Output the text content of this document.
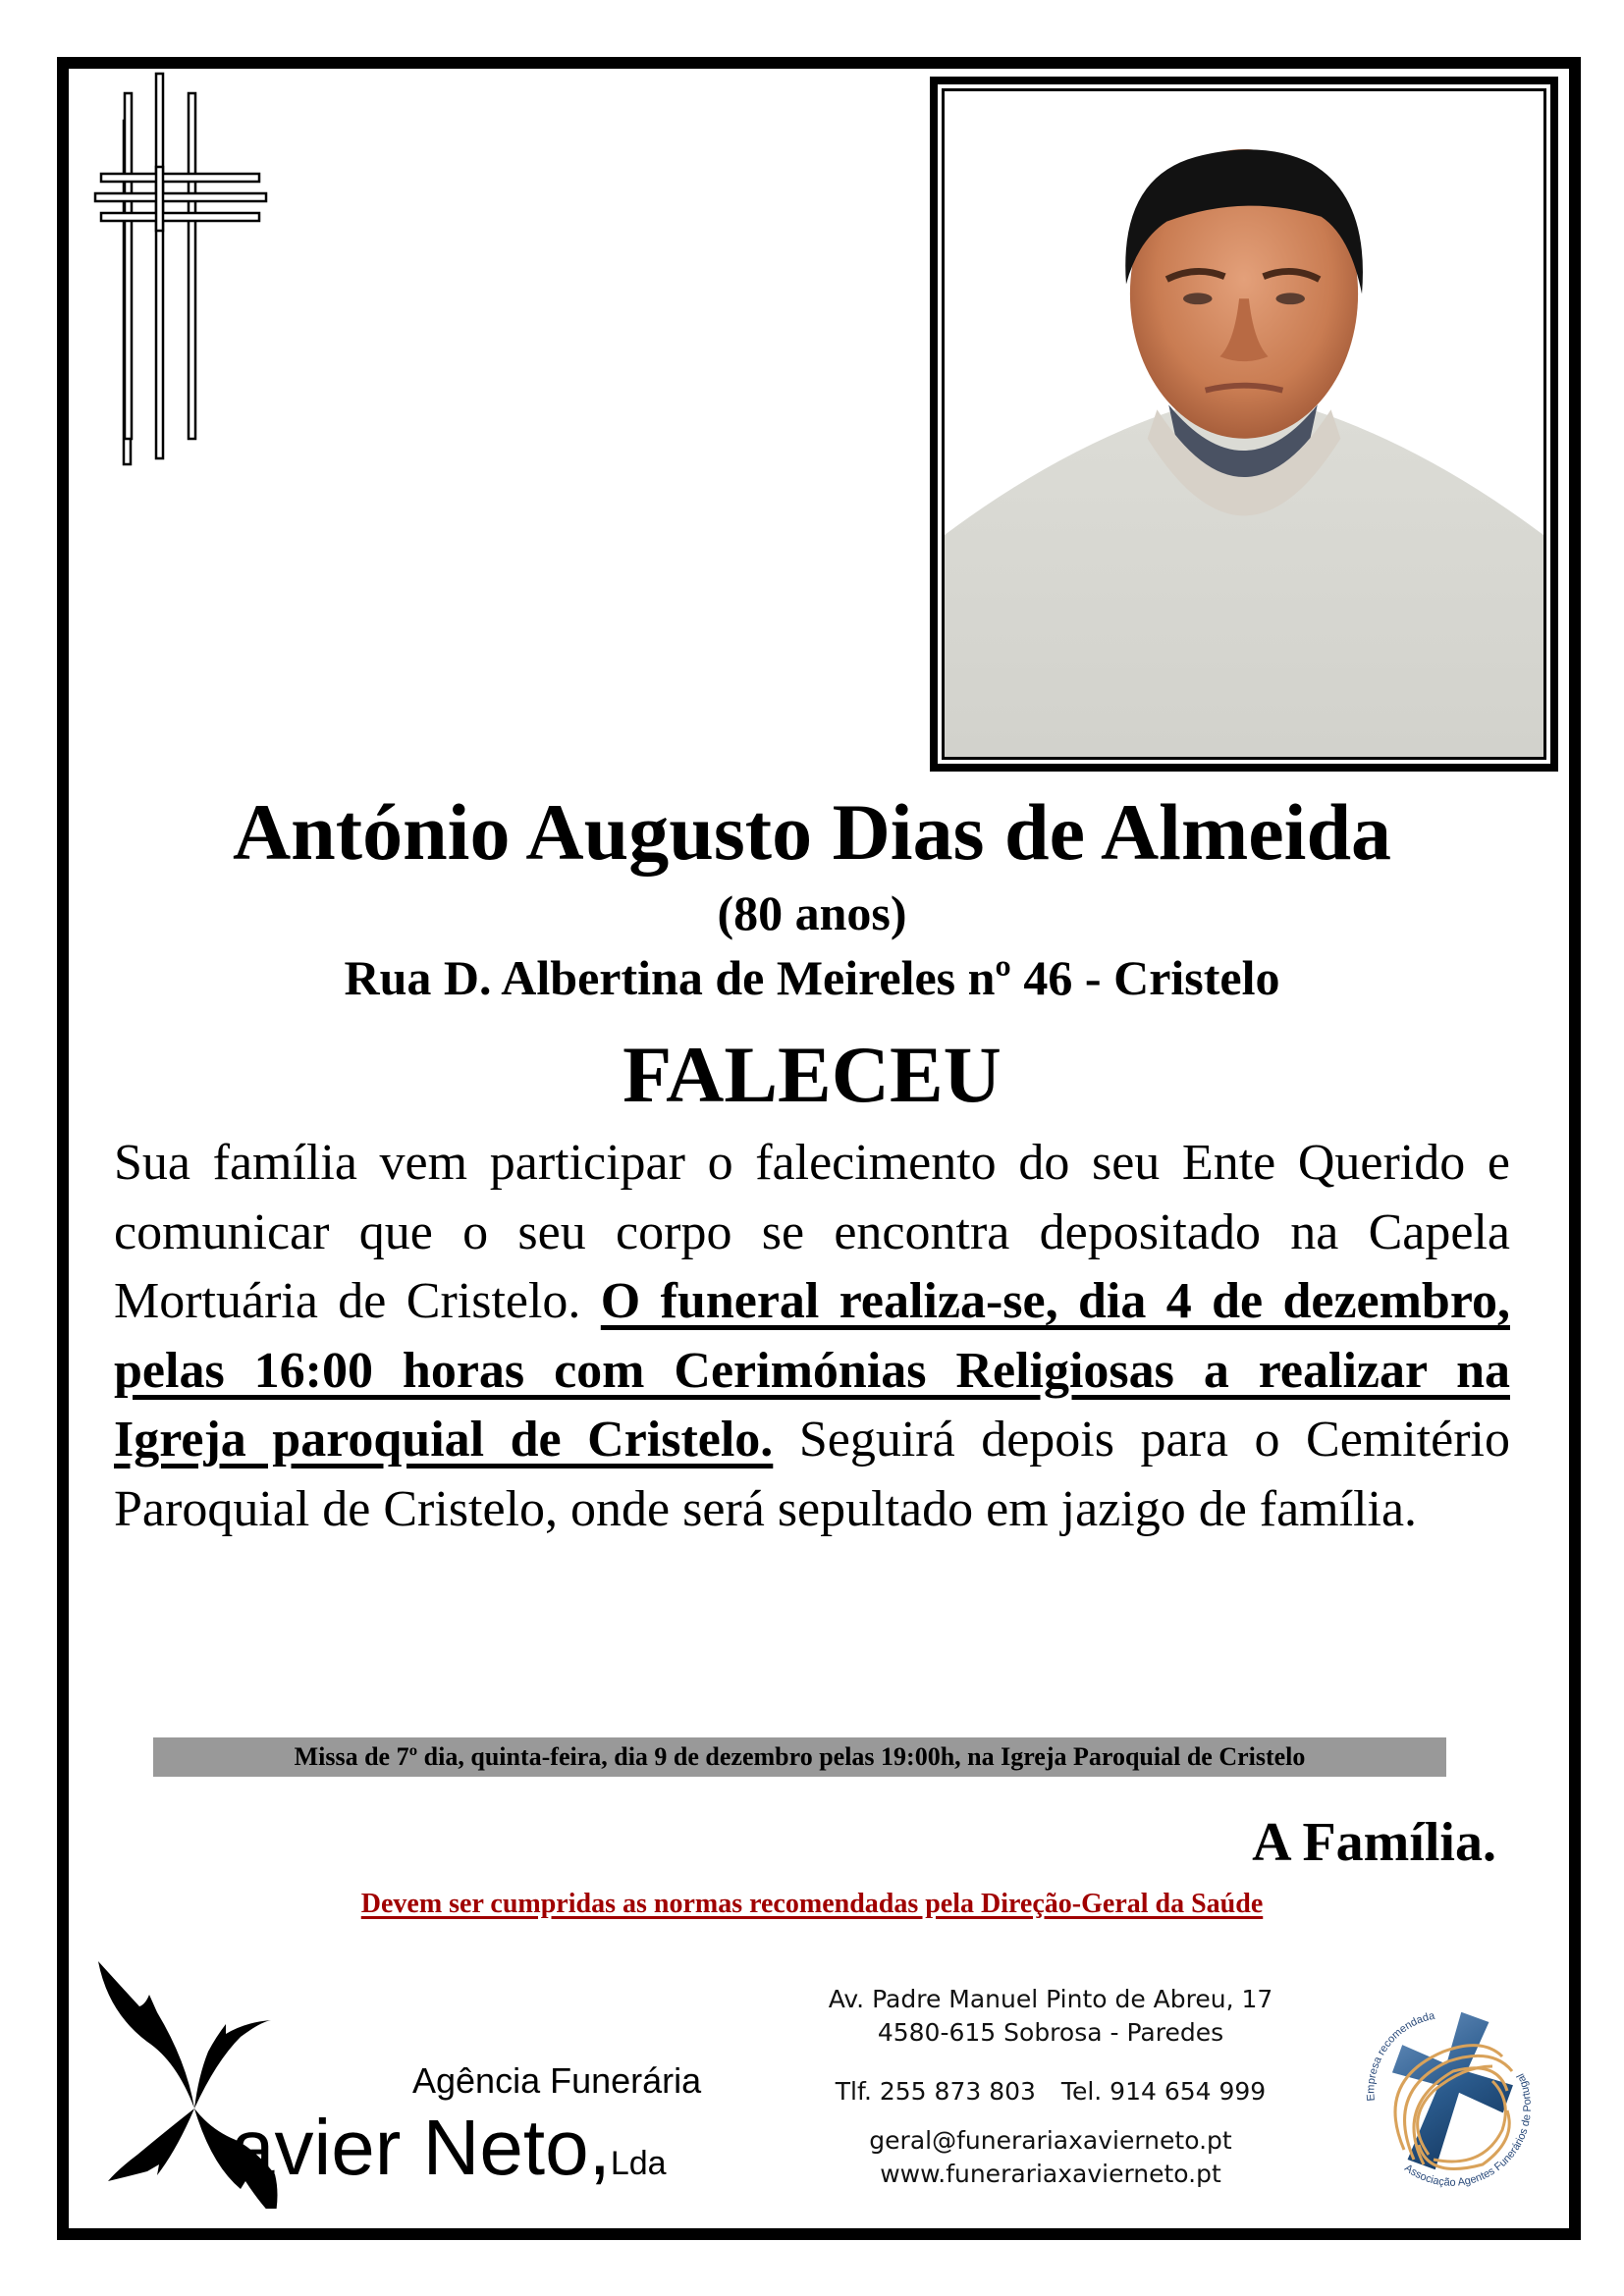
António Augusto Dias de Almeida
(80 anos)
Rua D. Albertina de Meireles nº 46 - Cristelo
FALECEU
Sua família vem participar o falecimento do seu Ente Querido e comunicar que o seu corpo se encontra depositado na Capela Mortuária de Cristelo. O funeral realiza-se, dia 4 de dezembro, pelas 16:00 horas com Cerimónias Religiosas a realizar na Igreja paroquial de Cristelo. Seguirá depois para o Cemitério Paroquial de Cristelo, onde será sepultado em jazigo de família.
Missa de 7º dia, quinta-feira, dia 9 de dezembro pelas 19:00h, na Igreja Paroquial de Cristelo
A Família.
Devem ser cumpridas as normas recomendadas pela Direção-Geral da Saúde
Agência Funerária
avier Neto,Lda
Av. Padre Manuel Pinto de Abreu, 17
4580-615 Sobrosa - Paredes
Tlf. 255 873 803 Tel. 914 654 999
geral@funerariaxavierneto.pt
www.funerariaxavierneto.pt
Empresa recomendada
Associação Agentes Funerários de Portugal
